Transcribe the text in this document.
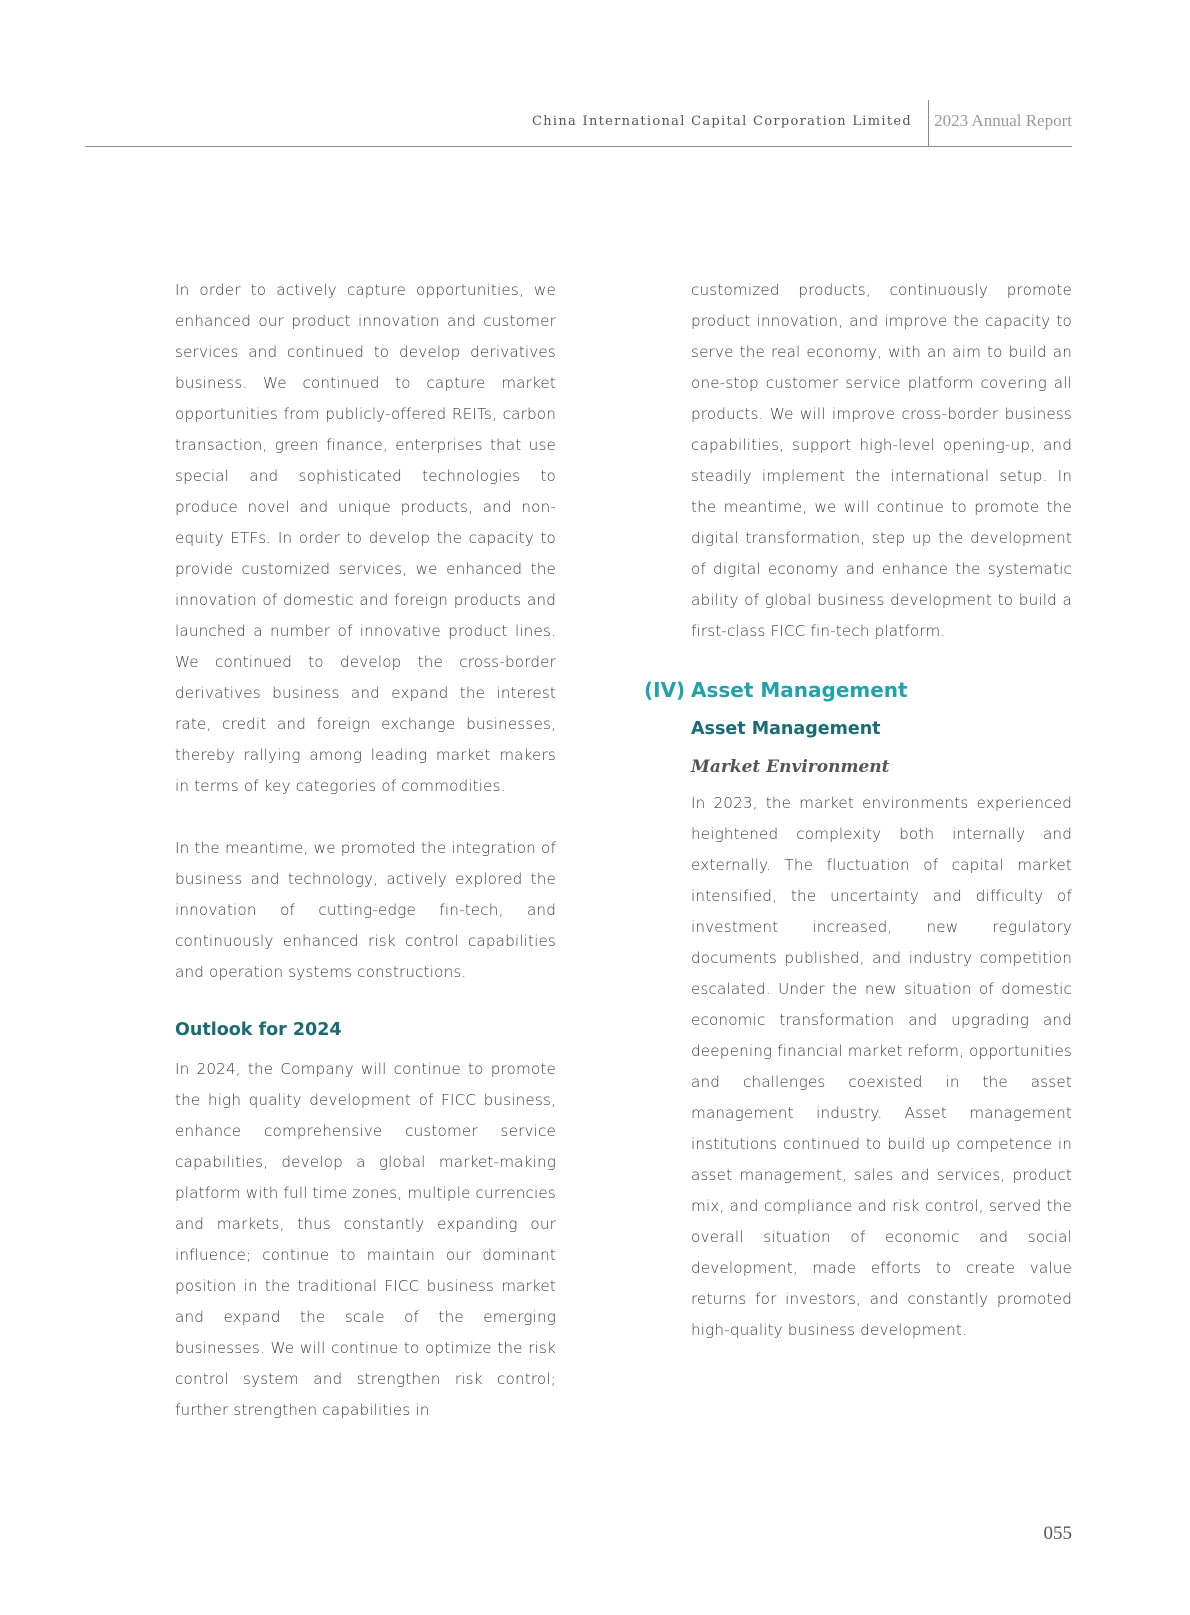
China International Capital Corporation Limited 2023 Annual Report

In order to actively capture opportunities, we enhanced our product innovation and customer services and continued to develop derivatives business. We continued to capture market opportunities from publicly-offered REITs, carbon transaction, green finance, enterprises that use special and sophisticated technologies to produce novel and unique products, and non-equity ETFs. In order to develop the capacity to provide customized services, we enhanced the innovation of domestic and foreign products and launched a number of innovative product lines. We continued to develop the cross-border derivatives business and expand the interest rate, credit and foreign exchange businesses, thereby rallying among leading market makers in terms of key categories of commodities.

In the meantime, we promoted the integration of business and technology, actively explored the innovation of cutting-edge fin-tech, and continuously enhanced risk control capabilities and operation systems constructions.

Outlook for 2024

In 2024, the Company will continue to promote the high quality development of FICC business, enhance comprehensive customer service capabilities, develop a global market-making platform with full time zones, multiple currencies and markets, thus constantly expanding our influence; continue to maintain our dominant position in the traditional FICC business market and expand the scale of the emerging businesses. We will continue to optimize the risk control system and strengthen risk control; further strengthen capabilities in

customized products, continuously promote product innovation, and improve the capacity to serve the real economy, with an aim to build an one-stop customer service platform covering all products. We will improve cross-border business capabilities, support high-level opening-up, and steadily implement the international setup. In the meantime, we will continue to promote the digital transformation, step up the development of digital economy and enhance the systematic ability of global business development to build a first-class FICC fin-tech platform.

(IV) Asset Management
Asset Management
Market Environment

In 2023, the market environments experienced heightened complexity both internally and externally. The fluctuation of capital market intensified, the uncertainty and difficulty of investment increased, new regulatory documents published, and industry competition escalated. Under the new situation of domestic economic transformation and upgrading and deepening financial market reform, opportunities and challenges coexisted in the asset management industry. Asset management institutions continued to build up competence in asset management, sales and services, product mix, and compliance and risk control, served the overall situation of economic and social development, made efforts to create value returns for investors, and constantly promoted high-quality business development.

055
